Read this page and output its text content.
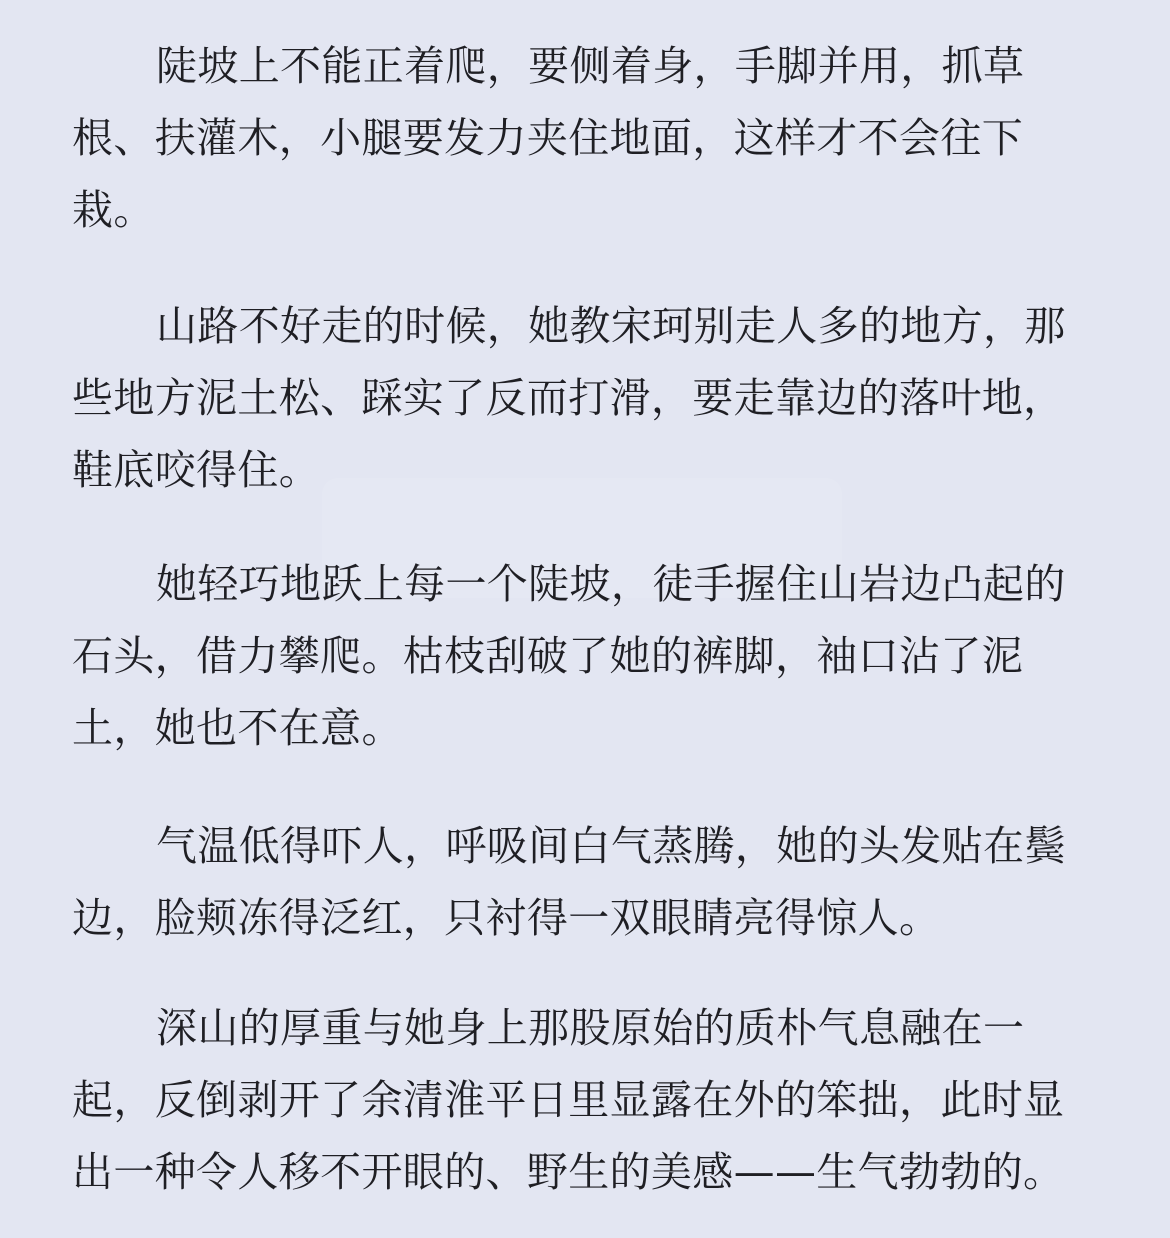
陡坡上不能正着爬，要侧着身，手脚并用，抓草
根、扶灌木，小腿要发力夹住地面，这样才不会往下
栽。

山路不好走的时候，她教宋珂别走人多的地方，那
些地方泥土松、踩实了反而打滑，要走靠边的落叶地，
鞋底咬得住。

她轻巧地跃上每一个陡坡，徒手握住山岩边凸起的
石头，借力攀爬。枯枝刮破了她的裤脚，袖口沾了泥
土，她也不在意。

气温低得吓人，呼吸间白气蒸腾，她的头发贴在鬓
边，脸颊冻得泛红，只衬得一双眼睛亮得惊人。

深山的厚重与她身上那股原始的质朴气息融在一
起，反倒剥开了余清淮平日里显露在外的笨拙，此时显
出一种令人移不开眼的、野生的美感——生气勃勃的。
